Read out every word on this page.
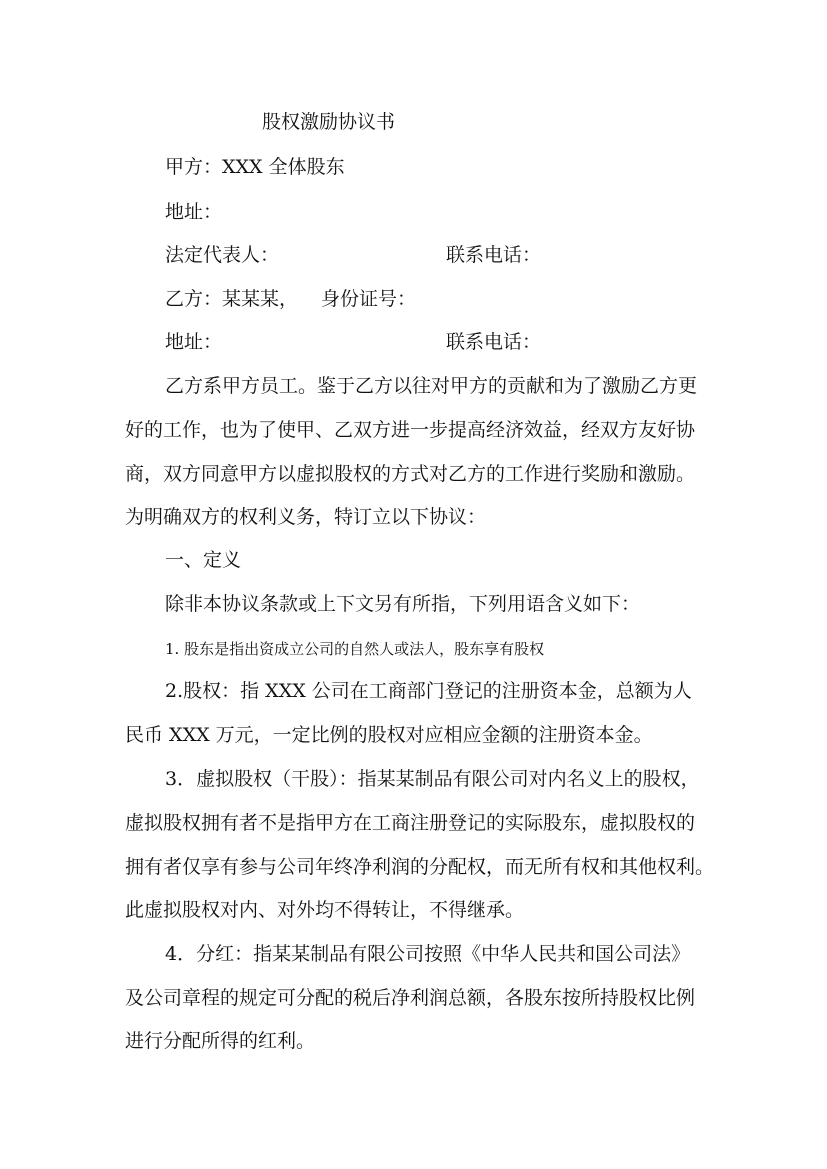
股权激励协议书
甲方：XXX 全体股东
地址：
法定代表人：	联系电话：
乙方：某某某， 身份证号：
地址：	联系电话：
乙方系甲方员工。鉴于乙方以往对甲方的贡献和为了激励乙方更
好的工作，也为了使甲、乙双方进一步提高经济效益，经双方友好协
商，双方同意甲方以虚拟股权的方式对乙方的工作进行奖励和激励。
为明确双方的权利义务，特订立以下协议：
一、定义
除非本协议条款或上下文另有所指，下列用语含义如下：
1. 股东是指出资成立公司的自然人或法人，股东享有股权
2.股权：指 XXX 公司在工商部门登记的注册资本金，总额为人
民币 XXX 万元，一定比例的股权对应相应金额的注册资本金。
3．虚拟股权（干股）：指某某制品有限公司对内名义上的股权，
虚拟股权拥有者不是指甲方在工商注册登记的实际股东，虚拟股权的
拥有者仅享有参与公司年终净利润的分配权，而无所有权和其他权利。
此虚拟股权对内、对外均不得转让，不得继承。
4．分红：指某某制品有限公司按照《中华人民共和国公司法》
及公司章程的规定可分配的税后净利润总额，各股东按所持股权比例
进行分配所得的红利。
